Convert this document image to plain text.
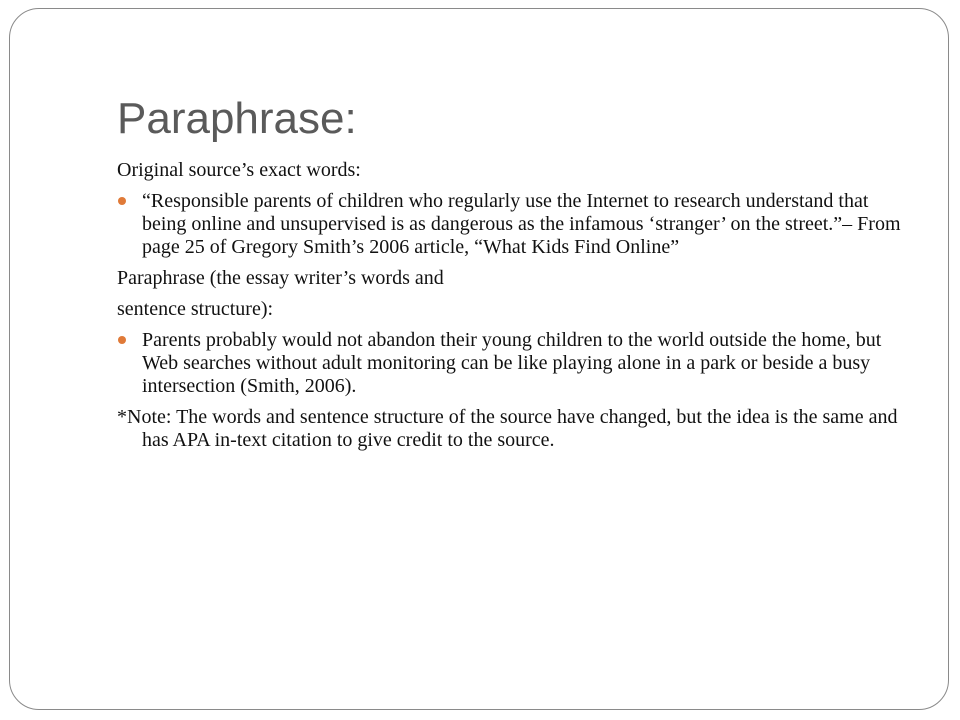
Paraphrase:

Original source’s exact words:

“Responsible parents of children who regularly use the Internet to research understand that being online and unsupervised is as dangerous as the infamous ‘stranger’ on the street.”– From page 25 of Gregory Smith’s 2006 article, “What Kids Find Online”

Paraphrase (the essay writer’s words and

sentence structure):

Parents probably would not abandon their young children to the world outside the home, but Web searches without adult monitoring can be like playing alone in a park or beside a busy intersection (Smith, 2006).

*Note: The words and sentence structure of the source have changed, but the idea is the same and has APA in-text citation to give credit to the source.
